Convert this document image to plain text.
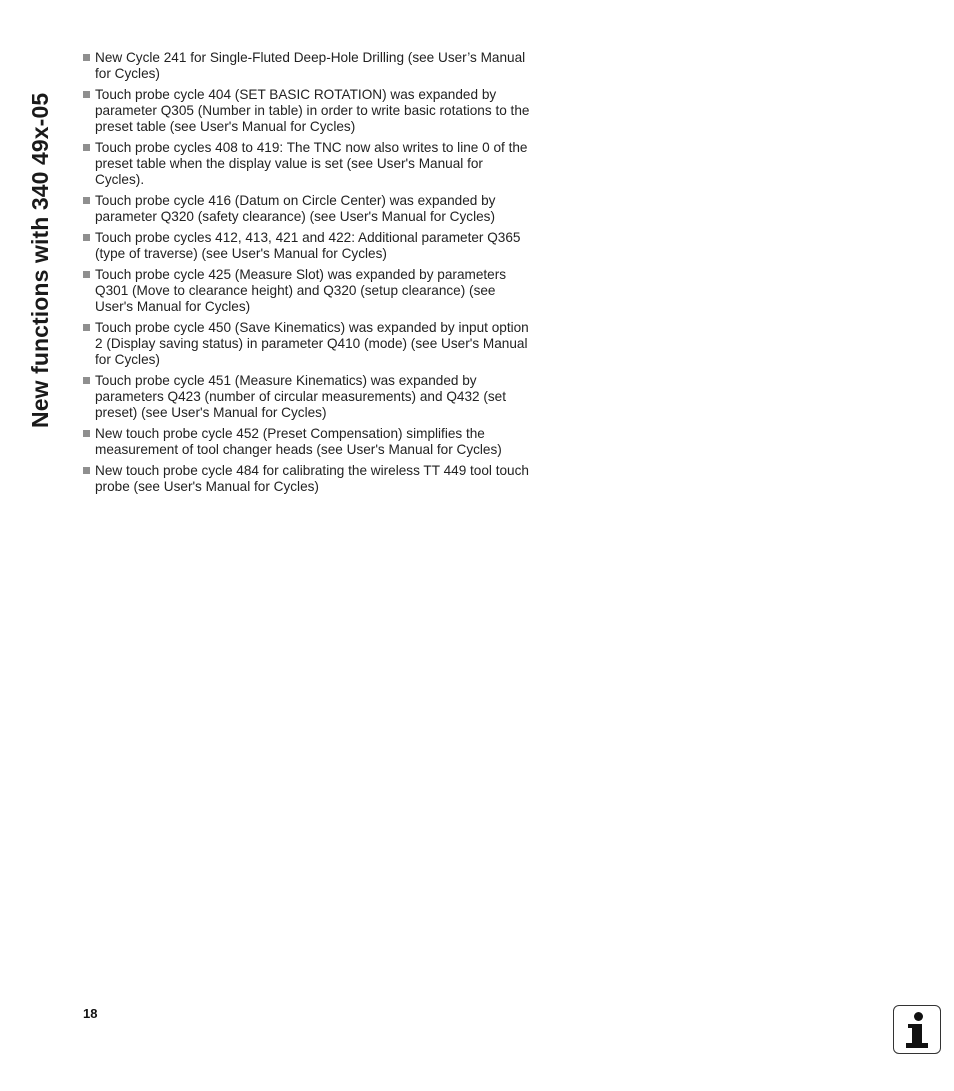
New functions with 340 49x-05
New Cycle 241 for Single-Fluted Deep-Hole Drilling (see User’s Manual for Cycles)
Touch probe cycle 404 (SET BASIC ROTATION) was expanded by parameter Q305 (Number in table) in order to write basic rotations to the preset table (see User's Manual for Cycles)
Touch probe cycles 408 to 419: The TNC now also writes to line 0 of the preset table when the display value is set (see User's Manual for Cycles).
Touch probe cycle 416 (Datum on Circle Center) was expanded by parameter Q320 (safety clearance) (see User's Manual for Cycles)
Touch probe cycles 412, 413, 421 and 422: Additional parameter Q365 (type of traverse) (see User's Manual for Cycles)
Touch probe cycle 425 (Measure Slot) was expanded by parameters Q301 (Move to clearance height) and Q320 (setup clearance) (see User's Manual for Cycles)
Touch probe cycle 450 (Save Kinematics) was expanded by input option 2 (Display saving status) in parameter Q410 (mode) (see User's Manual for Cycles)
Touch probe cycle 451 (Measure Kinematics) was expanded by parameters Q423 (number of circular measurements) and Q432 (set preset) (see User's Manual for Cycles)
New touch probe cycle 452 (Preset Compensation) simplifies the measurement of tool changer heads (see User's Manual for Cycles)
New touch probe cycle 484 for calibrating the wireless TT 449 tool touch probe (see User's Manual for Cycles)
18
